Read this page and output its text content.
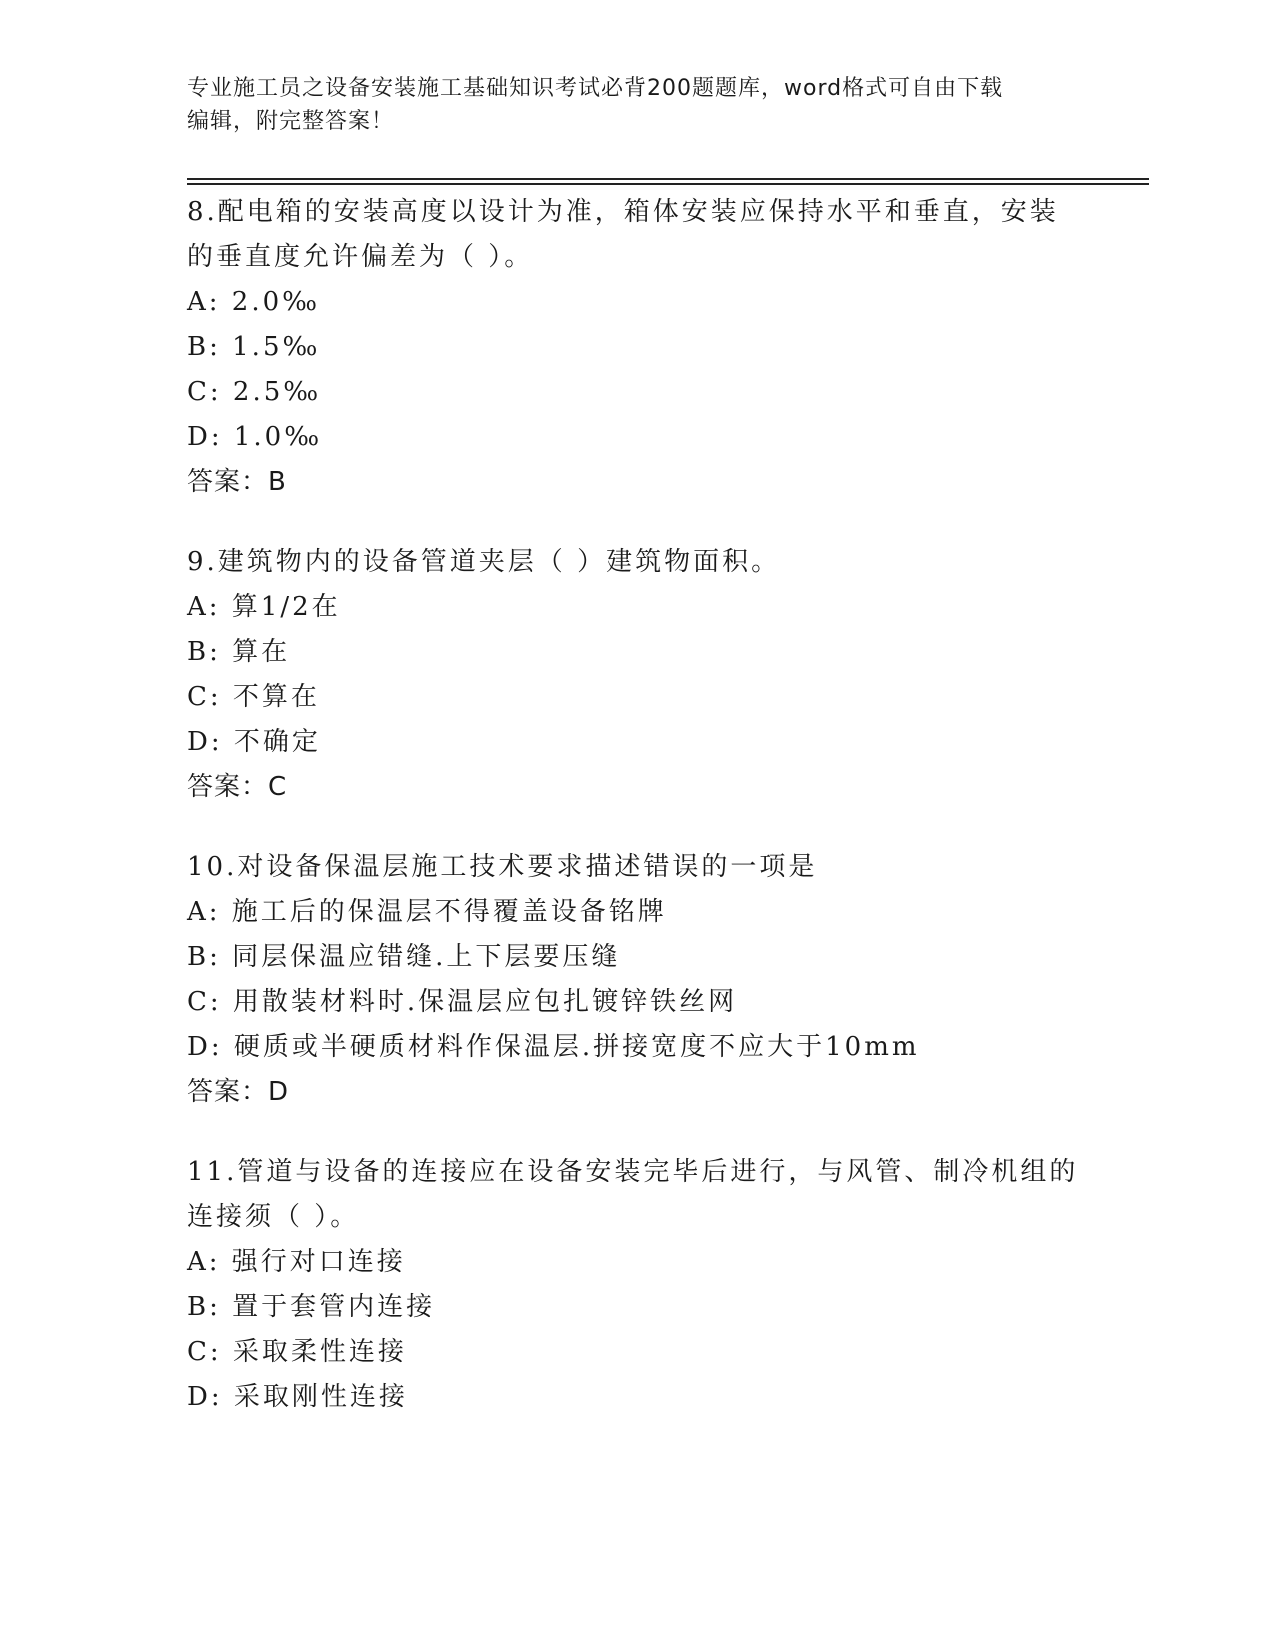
专业施工员之设备安装施工基础知识考试必背200题题库，word格式可自由下载
编辑，附完整答案！

8.配电箱的安装高度以设计为准，箱体安装应保持水平和垂直，安装

的垂直度允许偏差为（ ）。

A: 2.0‰

B: 1.5‰

C: 2.5‰

D: 1.0‰

答案：B

9.建筑物内的设备管道夹层（ ）建筑物面积。

A: 算1/2在

B: 算在

C: 不算在

D: 不确定

答案：C

10.对设备保温层施工技术要求描述错误的一项是

A: 施工后的保温层不得覆盖设备铭牌

B: 同层保温应错缝.上下层要压缝

C: 用散装材料时.保温层应包扎镀锌铁丝网

D: 硬质或半硬质材料作保温层.拼接宽度不应大于10mm

答案：D

11.管道与设备的连接应在设备安装完毕后进行，与风管、制冷机组的

连接须（ ）。

A: 强行对口连接

B: 置于套管内连接

C: 采取柔性连接

D: 采取刚性连接
